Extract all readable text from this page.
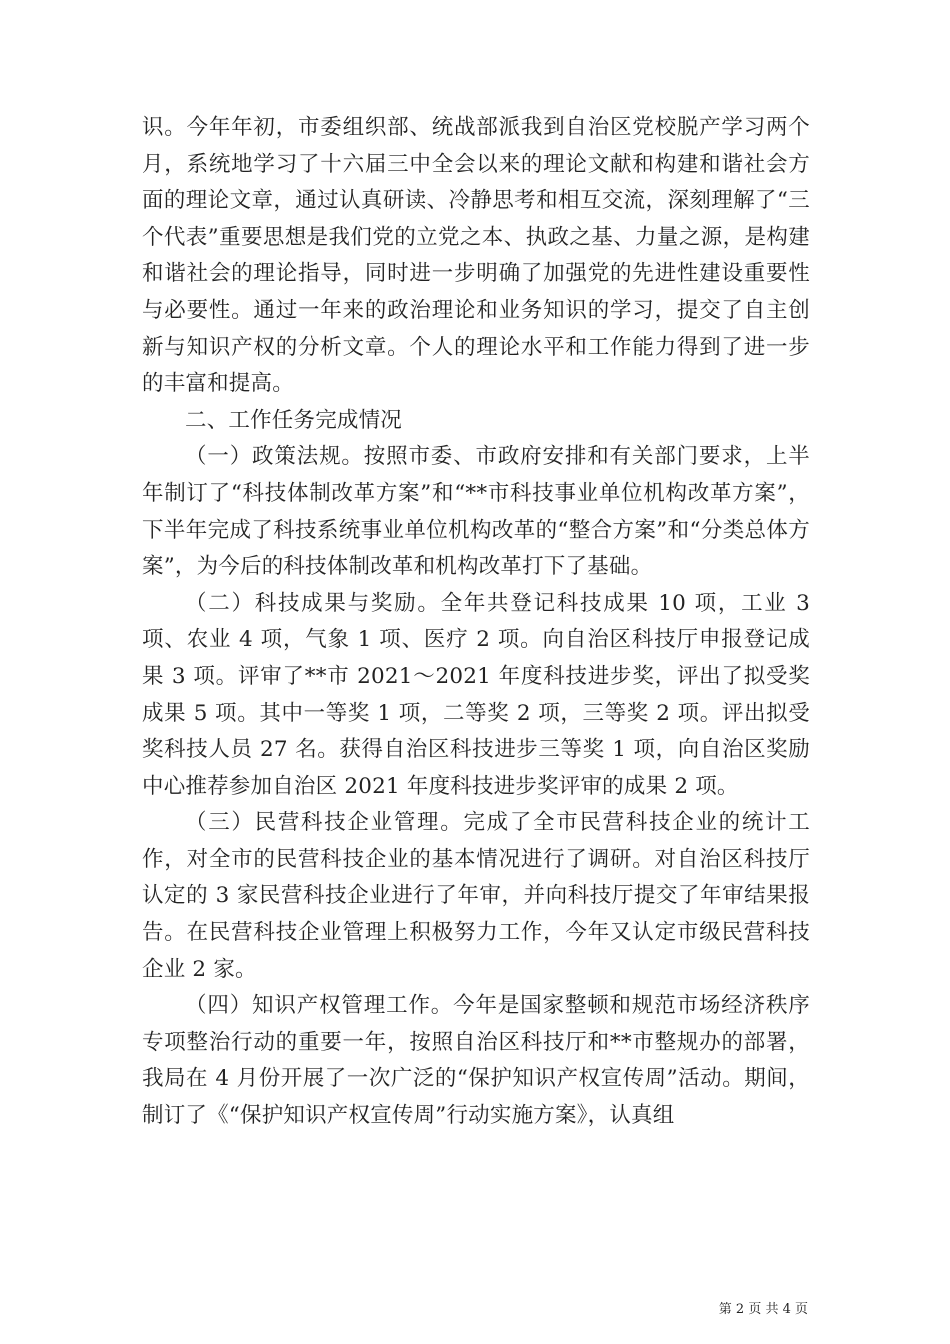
识。今年年初，市委组织部、统战部派我到自治区党校脱产学习两个月，系统地学习了十六届三中全会以来的理论文献和构建和谐社会方面的理论文章，通过认真研读、冷静思考和相互交流，深刻理解了“三个代表”重要思想是我们党的立党之本、执政之基、力量之源，是构建和谐社会的理论指导，同时进一步明确了加强党的先进性建设重要性与必要性。通过一年来的政治理论和业务知识的学习，提交了自主创新与知识产权的分析文章。个人的理论水平和工作能力得到了进一步的丰富和提高。

二、工作任务完成情况

（一）政策法规。按照市委、市政府安排和有关部门要求，上半年制订了“科技体制改革方案”和“**市科技事业单位机构改革方案”，下半年完成了科技系统事业单位机构改革的“整合方案”和“分类总体方案”，为今后的科技体制改革和机构改革打下了基础。

（二）科技成果与奖励。全年共登记科技成果 10 项，工业 3 项、农业 4 项，气象 1 项、医疗 2 项。向自治区科技厅申报登记成果 3 项。评审了**市 2021～2021 年度科技进步奖，评出了拟受奖成果 5 项。其中一等奖 1 项，二等奖 2 项，三等奖 2 项。评出拟受奖科技人员 27 名。获得自治区科技进步三等奖 1 项，向自治区奖励中心推荐参加自治区 2021 年度科技进步奖评审的成果 2 项。

（三）民营科技企业管理。完成了全市民营科技企业的统计工作，对全市的民营科技企业的基本情况进行了调研。对自治区科技厅认定的 3 家民营科技企业进行了年审，并向科技厅提交了年审结果报告。在民营科技企业管理上积极努力工作，今年又认定市级民营科技企业 2 家。

（四）知识产权管理工作。今年是国家整顿和规范市场经济秩序专项整治行动的重要一年，按照自治区科技厅和**市整规办的部署，我局在 4 月份开展了一次广泛的“保护知识产权宣传周”活动。期间，制订了《“保护知识产权宣传周”行动实施方案》，认真组

第 2 页 共 4 页
